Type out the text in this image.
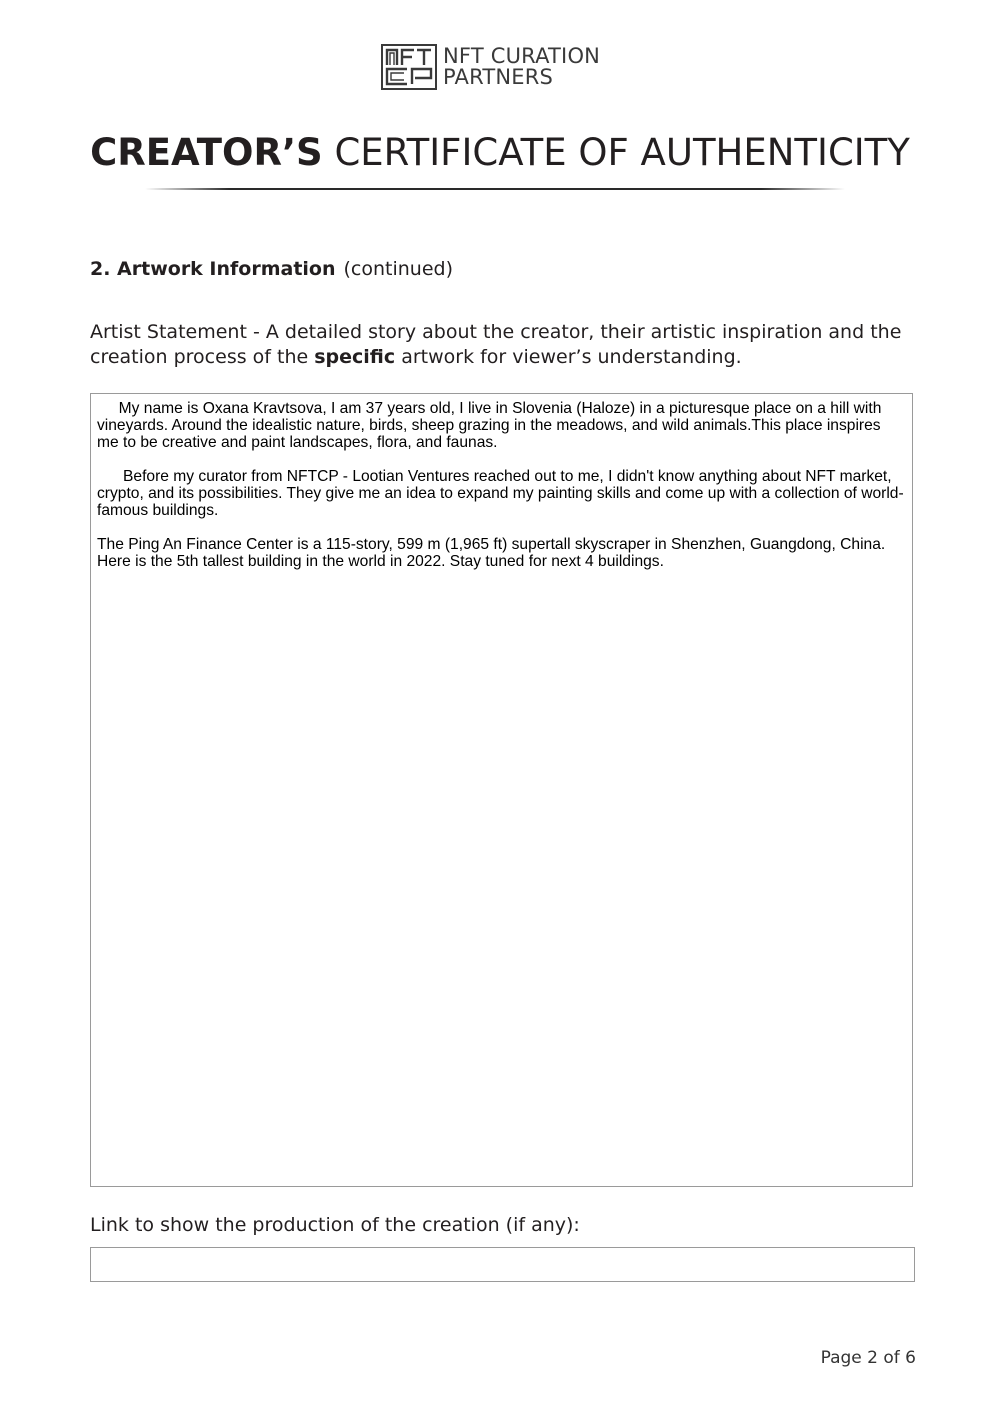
NFT CURATION
PARTNERS
CREATOR’S CERTIFICATE OF AUTHENTICITY
2. Artwork Information (continued)
Artist Statement - A detailed story about the creator, their artistic inspiration and the creation process of the specific artwork for viewer’s understanding.

My name is Oxana Kravtsova, I am 37 years old, I live in Slovenia (Haloze) in a picturesque place on a hill with vineyards. Around the idealistic nature, birds, sheep grazing in the meadows, and wild animals.This place inspires me to be creative and paint landscapes, flora, and faunas.

Before my curator from NFTCP - Lootian Ventures reached out to me, I didn't know anything about NFT market, crypto, and its possibilities. They give me an idea to expand my painting skills and come up with a collection of world-famous buildings.

The Ping An Finance Center is a 115-story, 599 m (1,965 ft) supertall skyscraper in Shenzhen, Guangdong, China. Here is the 5th tallest building in the world in 2022. Stay tuned for next 4 buildings.

Link to show the production of the creation (if any):
Page 2 of 6
